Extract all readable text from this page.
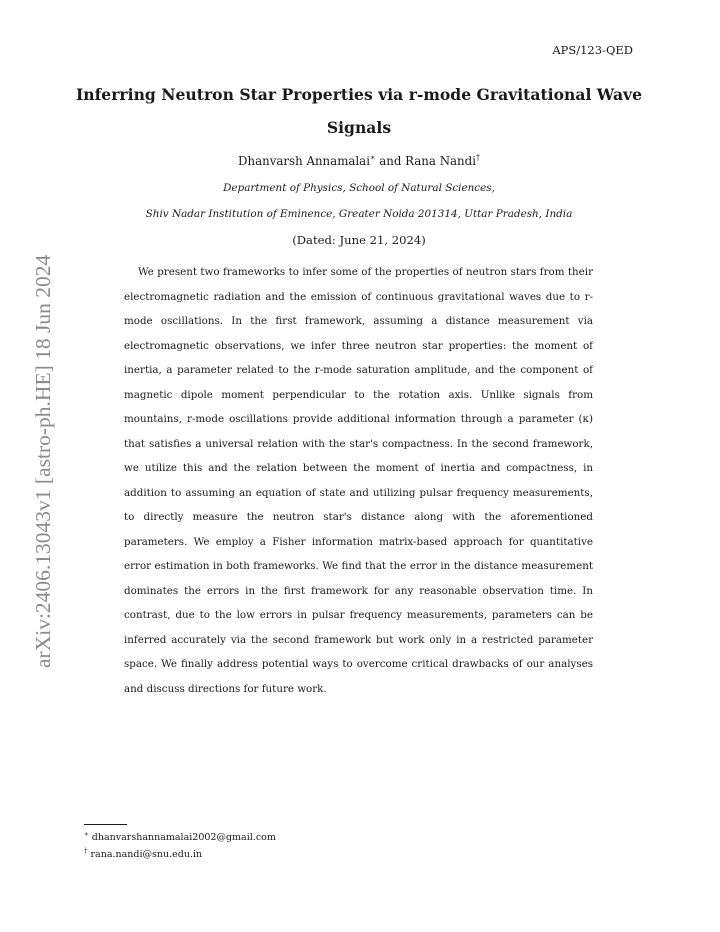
APS/123-QED
Inferring Neutron Star Properties via r-mode Gravitational Wave Signals
Dhanvarsh Annamalai∗ and Rana Nandi†
Department of Physics, School of Natural Sciences,
Shiv Nadar Institution of Eminence, Greater Noida 201314, Uttar Pradesh, India
(Dated: June 21, 2024)

We present two frameworks to infer some of the properties of neutron stars from their electromagnetic radiation and the emission of continuous gravitational waves due to r-mode oscillations. In the first framework, assuming a distance measurement via electromagnetic observations, we infer three neutron star properties: the moment of inertia, a parameter related to the r-mode saturation amplitude, and the component of magnetic dipole moment perpendicular to the rotation axis. Unlike signals from mountains, r-mode oscillations provide additional information through a parameter (κ) that satisfies a universal relation with the star's compactness. In the second framework, we utilize this and the relation between the moment of inertia and compactness, in addition to assuming an equation of state and utilizing pulsar frequency measurements, to directly measure the neutron star's distance along with the aforementioned parameters. We employ a Fisher information matrix-based approach for quantitative error estimation in both frameworks. We find that the error in the distance measurement dominates the errors in the first framework for any reasonable observation time. In contrast, due to the low errors in pulsar frequency measurements, parameters can be inferred accurately via the second framework but work only in a restricted parameter space. We finally address potential ways to overcome critical drawbacks of our analyses and discuss directions for future work.

arXiv:2406.13043v1 [astro-ph.HE] 18 Jun 2024
∗ dhanvarshannamalai2002@gmail.com
† rana.nandi@snu.edu.in
